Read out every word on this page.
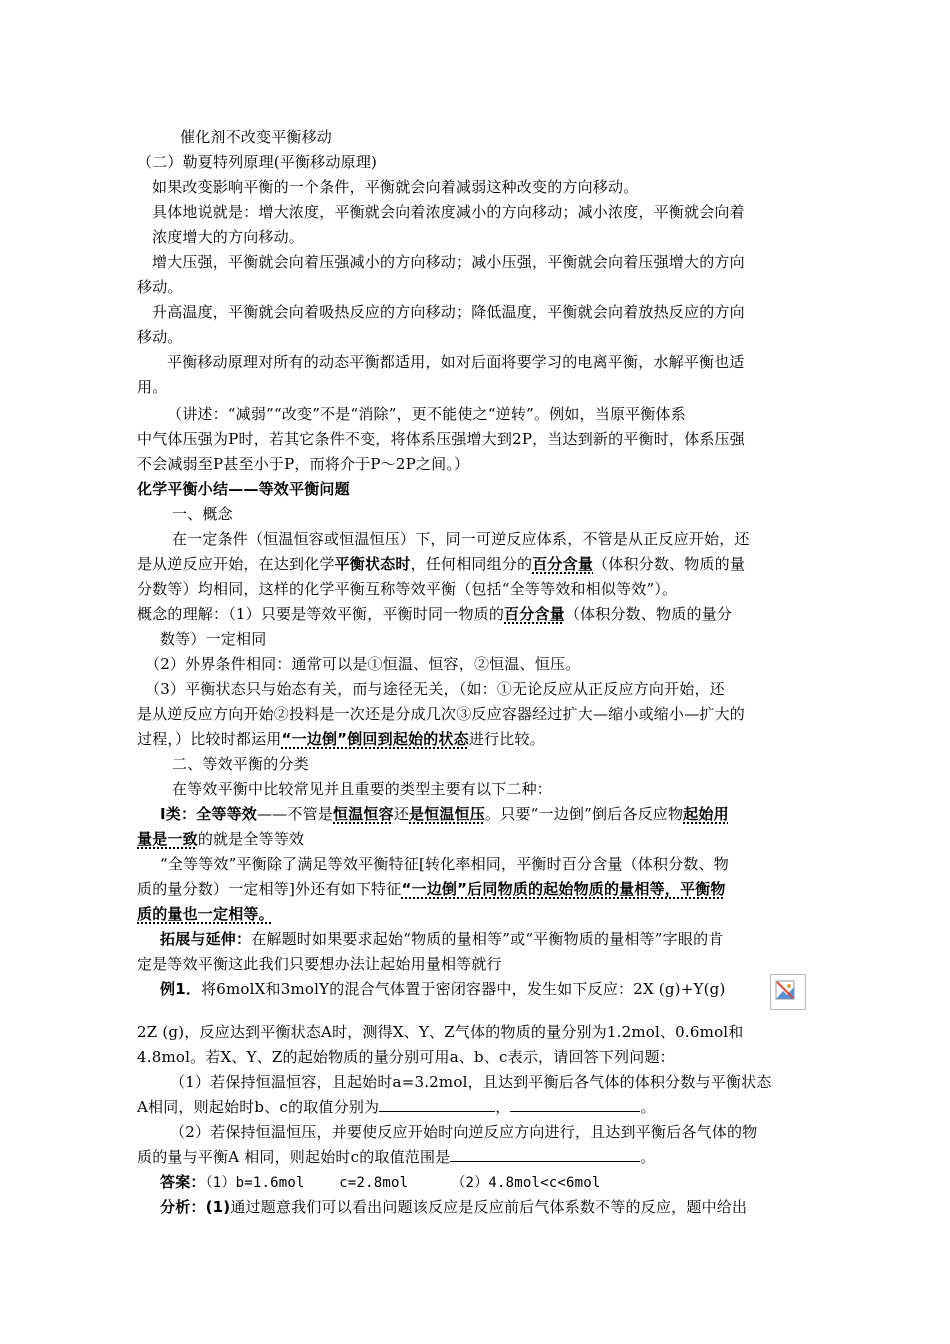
催化剂不改变平衡移动
（二）勒夏特列原理(平衡移动原理)
如果改变影响平衡的一个条件，平衡就会向着减弱这种改变的方向移动。
具体地说就是：增大浓度，平衡就会向着浓度减小的方向移动；减小浓度，平衡就会向着
浓度增大的方向移动。
增大压强，平衡就会向着压强减小的方向移动；减小压强，平衡就会向着压强增大的方向
移动。
升高温度，平衡就会向着吸热反应的方向移动；降低温度，平衡就会向着放热反应的方向
移动。
平衡移动原理对所有的动态平衡都适用，如对后面将要学习的电离平衡，水解平衡也适
用。
（讲述：“减弱”“改变”不是“消除”，更不能使之“逆转”。例如，当原平衡体系
中气体压强为P时，若其它条件不变，将体系压强增大到2P，当达到新的平衡时，体系压强
不会减弱至P甚至小于P，而将介于P～2P之间。）
化学平衡小结——等效平衡问题
一、概念
在一定条件（恒温恒容或恒温恒压）下，同一可逆反应体系，不管是从正反应开始，还
是从逆反应开始，在达到化学平衡状态时，任何相同组分的百分含量（体积分数、物质的量
分数等）均相同，这样的化学平衡互称等效平衡（包括“全等等效和相似等效”）。
概念的理解：（1）只要是等效平衡，平衡时同一物质的百分含量（体积分数、物质的量分
数等）一定相同
（2）外界条件相同：通常可以是①恒温、恒容，②恒温、恒压。
（3）平衡状态只与始态有关，而与途径无关，（如：①无论反应从正反应方向开始，还
是从逆反应方向开始②投料是一次还是分成几次③反应容器经过扩大—缩小或缩小—扩大的
过程，）比较时都运用“一边倒”倒回到起始的状态进行比较。
二、等效平衡的分类
在等效平衡中比较常见并且重要的类型主要有以下二种：
I类：全等等效——不管是恒温恒容还是恒温恒压。只要“一边倒”倒后各反应物起始用
量是一致的就是全等等效
“全等等效”平衡除了满足等效平衡特征[转化率相同，平衡时百分含量（体积分数、物
质的量分数）一定相等]外还有如下特征“一边倒”后同物质的起始物质的量相等，平衡物
质的量也一定相等。
拓展与延伸：在解题时如果要求起始“物质的量相等”或“平衡物质的量相等”字眼的肯
定是等效平衡这此我们只要想办法让起始用量相等就行
例1．将6molX和3molY的混合气体置于密闭容器中，发生如下反应：2X (g)+Y(g)
2Z (g)，反应达到平衡状态A时，测得X、Y、Z气体的物质的量分别为1.2mol、0.6mol和
4.8mol。若X、Y、Z的起始物质的量分别可用a、b、c表示，请回答下列问题：
（1）若保持恒温恒容，且起始时a=3.2mol，且达到平衡后各气体的体积分数与平衡状态
A相同，则起始时b、c的取值分别为	，	。
（2）若保持恒温恒压，并要使反应开始时向逆反应方向进行，且达到平衡后各气体的物
质的量与平衡A 相同，则起始时c的取值范围是	。
答案：（1）b=1.6mol    c=2.8mol     （2）4.8mol<c<6mol
分析：(1)通过题意我们可以看出问题该反应是反应前后气体系数不等的反应，题中给出
